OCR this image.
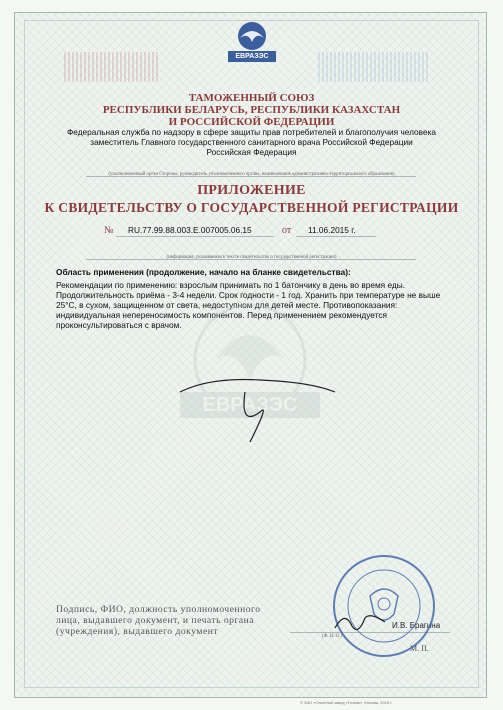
ЕВРАЗЭС
ТАМОЖЕННЫЙ СОЮЗ
РЕСПУБЛИКИ БЕЛАРУСЬ, РЕСПУБЛИКИ КАЗАХСТАН
И РОССИЙСКОЙ ФЕДЕРАЦИИ
Федеральная служба по надзору в сфере защиты прав потребителей и благополучия человека
заместитель Главного государственного санитарного врача Российской Федерации
Российская Федерация
(уполномоченный орган Стороны, руководитель уполномоченного органа, наименование административно-территориального образования)
ПРИЛОЖЕНИЕ
К СВИДЕТЕЛЬСТВУ О ГОСУДАРСТВЕННОЙ РЕГИСТРАЦИИ
№ RU.77.99.88.003.E.007005.06.15	от 11.06.2015 г.
(информация, указываемая в тексте свидетельства о государственной регистрации)
Область применения (продолжение, начало на бланке свидетельства):
Рекомендации по применению: взрослым принимать по 1 батончику в день во время еды. Продолжительность приёма - 3-4 недели. Срок годности - 1 год. Хранить при температуре не выше 25°С, в сухом, защищенном от света, недоступном для детей месте. Противопоказания: индивидуальная непереносимость компонентов. Перед применением рекомендуется проконсультироваться с врачом.
ЕВРАЗЭС
Подпись, ФИО, должность уполномоченного лица, выдавшего документ, и печать органа (учреждения), выдавшего документ
И.В. Брагина
(Ф. И. О.)
М. П.
© ЗАО «Опытный завод «Гознак», Москва, 2015 г.
